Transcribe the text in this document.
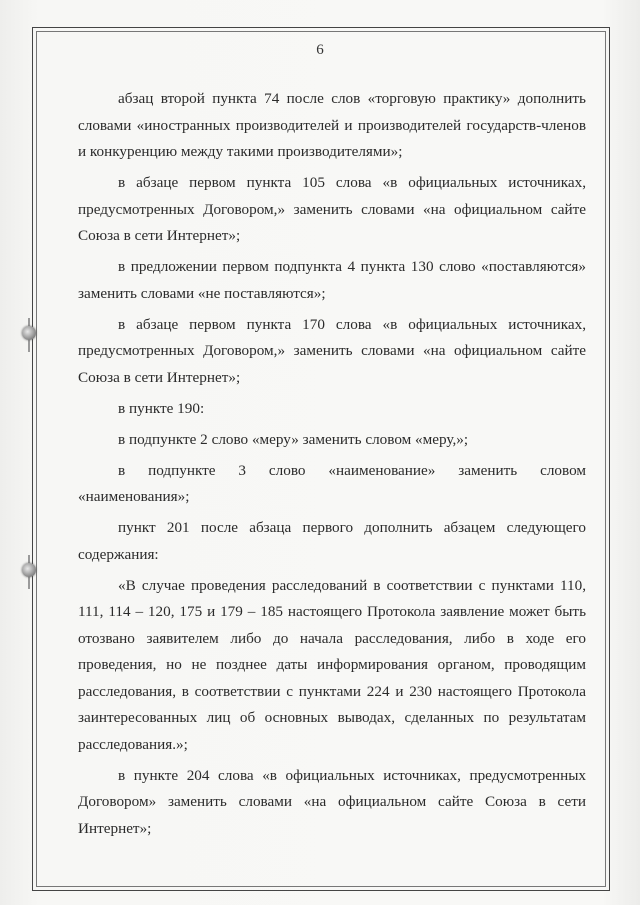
6

абзац второй пункта 74 после слов «торговую практику» дополнить словами «иностранных производителей и производителей государств-членов и конкуренцию между такими производителями»;

в абзаце первом пункта 105 слова «в официальных источниках, предусмотренных Договором,» заменить словами «на официальном сайте Союза в сети Интернет»;

в предложении первом подпункта 4 пункта 130 слово «поставляются» заменить словами «не поставляются»;

в абзаце первом пункта 170 слова «в официальных источниках, предусмотренных Договором,» заменить словами «на официальном сайте Союза в сети Интернет»;

в пункте 190:

в подпункте 2 слово «меру» заменить словом «меру,»;

в подпункте 3 слово «наименование» заменить словом «наименования»;

пункт 201 после абзаца первого дополнить абзацем следующего содержания:

«В случае проведения расследований в соответствии с пунктами 110, 111, 114 – 120, 175 и 179 – 185 настоящего Протокола заявление может быть отозвано заявителем либо до начала расследования, либо в ходе его проведения, но не позднее даты информирования органом, проводящим расследования, в соответствии с пунктами 224 и 230 настоящего Протокола заинтересованных лиц об основных выводах, сделанных по результатам расследования.»;

в пункте 204 слова «в официальных источниках, предусмотренных Договором» заменить словами «на официальном сайте Союза в сети Интернет»;
